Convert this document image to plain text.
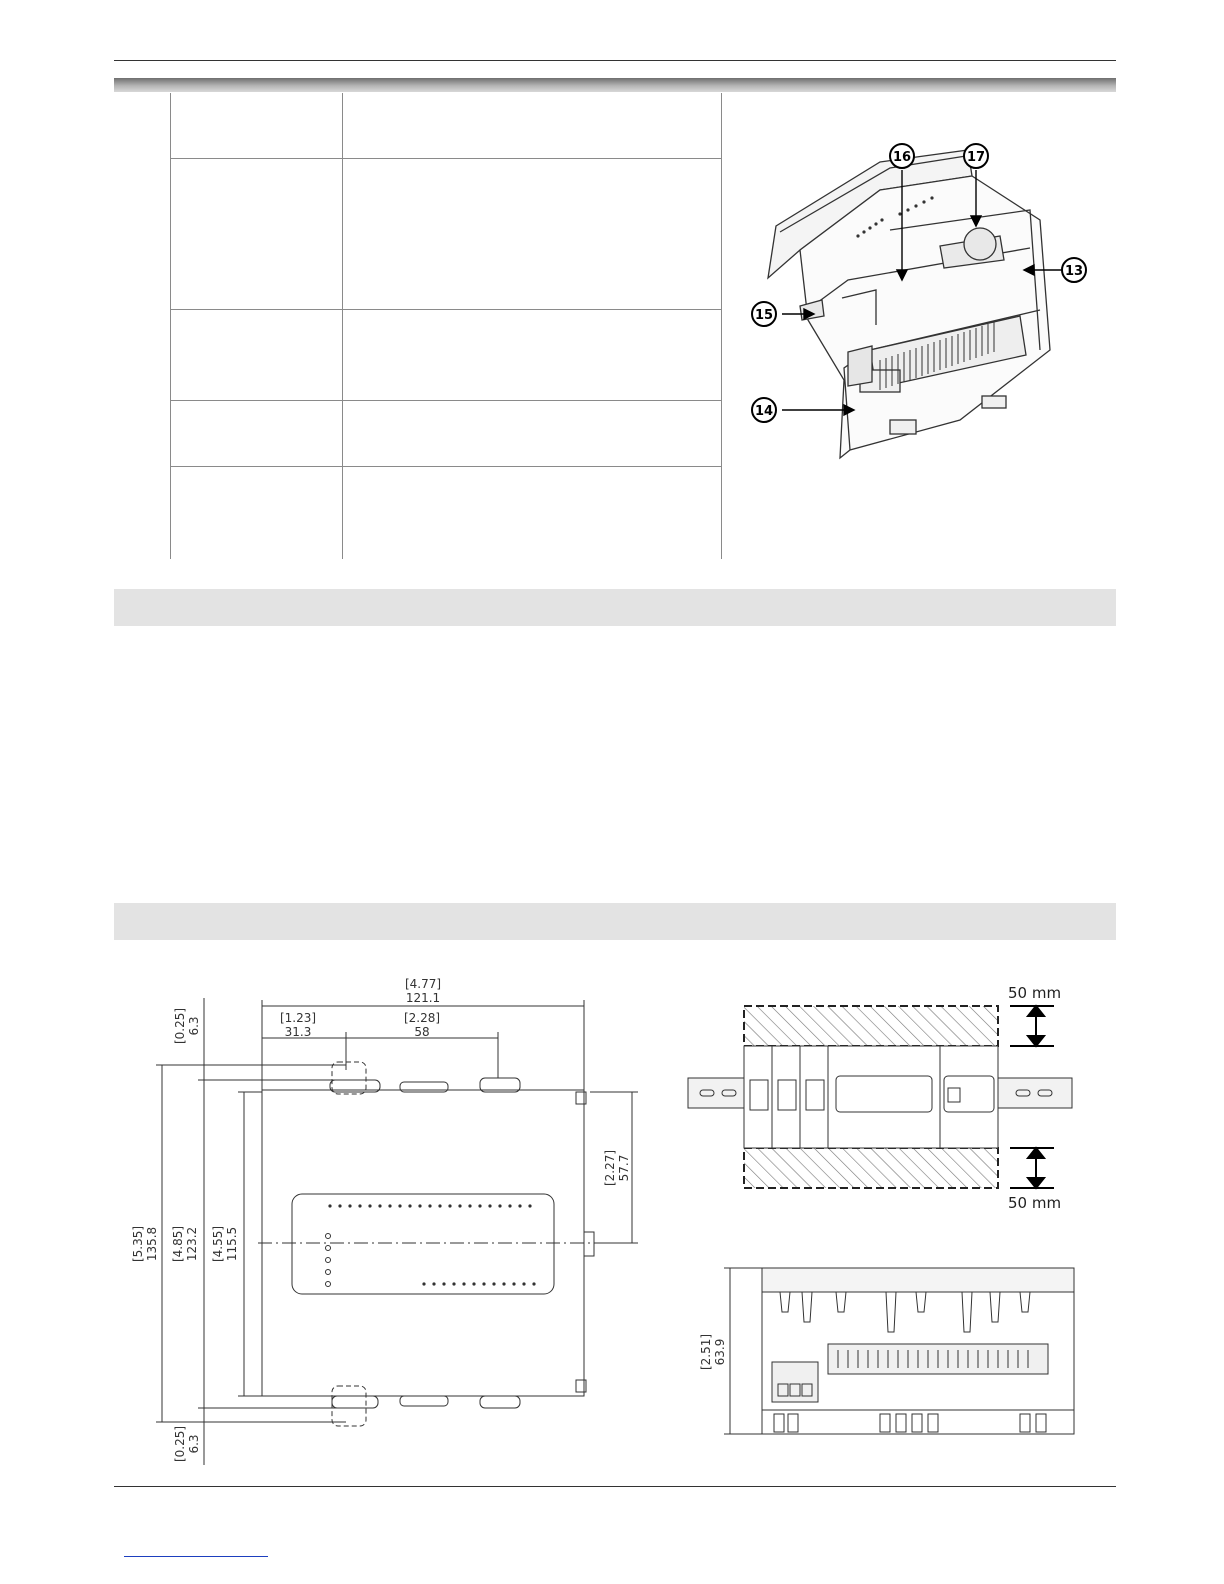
16	17
13
15
14
[4.77]
121.1
[1.23]
31.3
[2.28]
58
[0.25] 6.3
[0.25] 6.3
[5.35] 135.8 [4.85] 123.2 [4.55] 115.5
[2.27] 57.7
50 mm
50 mm
[2.51] 63.9
